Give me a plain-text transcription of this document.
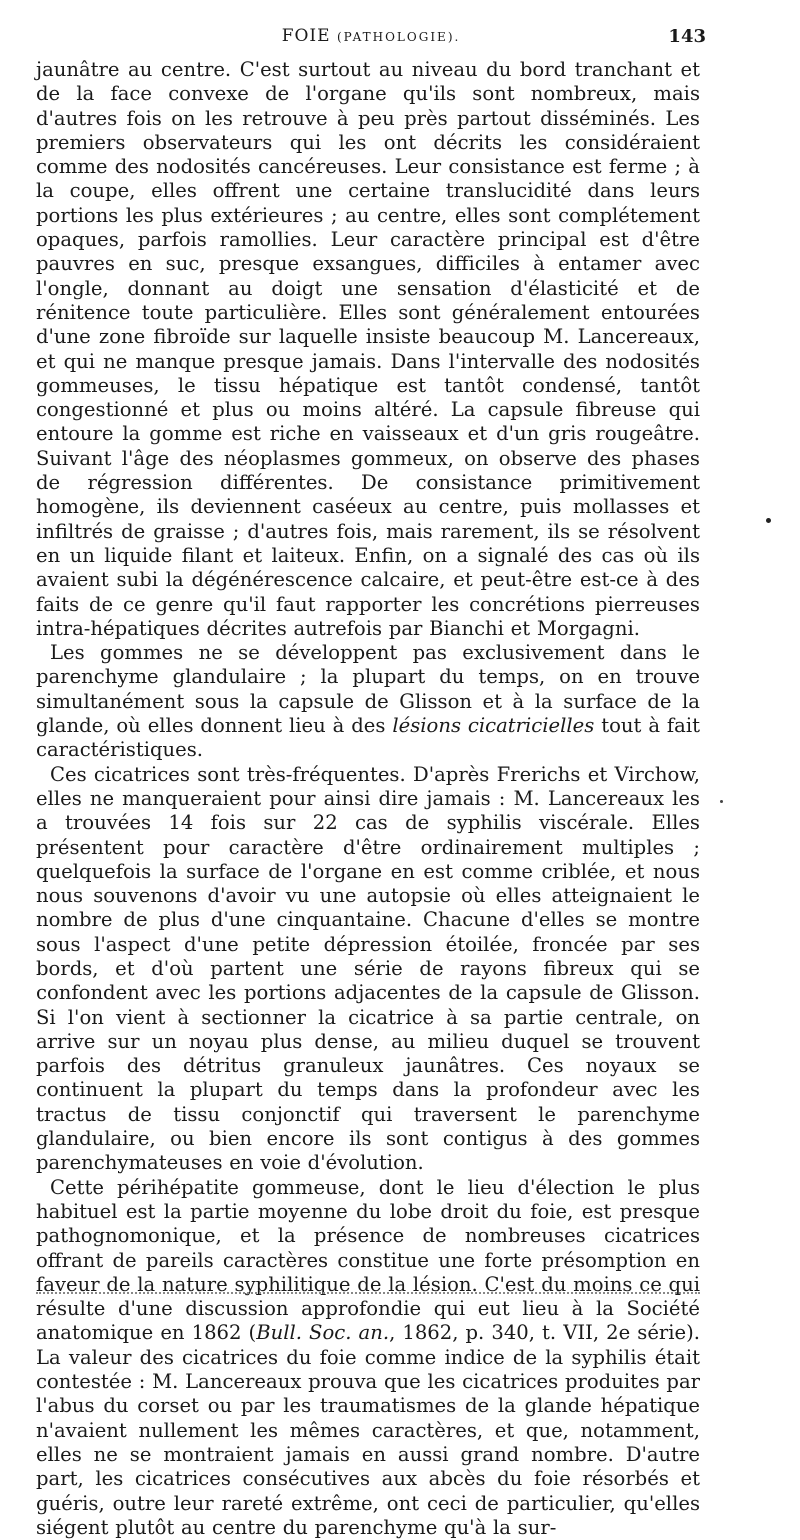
FOIE (PATHOLOGIE).	143

jaunâtre au centre. C'est surtout au niveau du bord tranchant et de la face convexe de l'organe qu'ils sont nombreux, mais d'autres fois on les retrouve à peu près partout disséminés. Les premiers observateurs qui les ont décrits les considéraient comme des nodosités cancéreuses. Leur consistance est ferme ; à la coupe, elles offrent une certaine translucidité dans leurs portions les plus extérieures ; au centre, elles sont complétement opaques, parfois ramollies. Leur caractère principal est d'être pauvres en suc, presque exsangues, difficiles à entamer avec l'ongle, donnant au doigt une sensation d'élasticité et de rénitence toute particulière. Elles sont généralement entourées d'une zone fibroïde sur laquelle insiste beaucoup M. Lancereaux, et qui ne manque presque jamais. Dans l'intervalle des nodosités gommeuses, le tissu hépatique est tantôt condensé, tantôt congestionné et plus ou moins altéré. La capsule fibreuse qui entoure la gomme est riche en vaisseaux et d'un gris rougeâtre. Suivant l'âge des néoplasmes gommeux, on observe des phases de régression différentes. De consistance primitivement homogène, ils deviennent caséeux au centre, puis mollasses et infiltrés de graisse ; d'autres fois, mais rarement, ils se résolvent en un liquide filant et laiteux. Enfin, on a signalé des cas où ils avaient subi la dégénérescence calcaire, et peut-être est-ce à des faits de ce genre qu'il faut rapporter les concrétions pierreuses intra-hépatiques décrites autrefois par Bianchi et Morgagni.

Les gommes ne se développent pas exclusivement dans le parenchyme glandulaire ; la plupart du temps, on en trouve simultanément sous la capsule de Glisson et à la surface de la glande, où elles donnent lieu à des lésions cicatricielles tout à fait caractéristiques.

Ces cicatrices sont très-fréquentes. D'après Frerichs et Virchow, elles ne manqueraient pour ainsi dire jamais : M. Lancereaux les a trouvées 14 fois sur 22 cas de syphilis viscérale. Elles présentent pour caractère d'être ordinairement multiples ; quelquefois la surface de l'organe en est comme criblée, et nous nous souvenons d'avoir vu une autopsie où elles atteignaient le nombre de plus d'une cinquantaine. Chacune d'elles se montre sous l'aspect d'une petite dépression étoilée, froncée par ses bords, et d'où partent une série de rayons fibreux qui se confondent avec les portions adjacentes de la capsule de Glisson. Si l'on vient à sectionner la cicatrice à sa partie centrale, on arrive sur un noyau plus dense, au milieu duquel se trouvent parfois des détritus granuleux jaunâtres. Ces noyaux se continuent la plupart du temps dans la profondeur avec les tractus de tissu conjonctif qui traversent le parenchyme glandulaire, ou bien encore ils sont contigus à des gommes parenchymateuses en voie d'évolution.

Cette périhépatite gommeuse, dont le lieu d'élection le plus habituel est la partie moyenne du lobe droit du foie, est presque pathognomonique, et la présence de nombreuses cicatrices offrant de pareils caractères constitue une forte présomption en faveur de la nature syphilitique de la lésion. C'est du moins ce qui résulte d'une discussion approfondie qui eut lieu à la Société anatomique en 1862 (Bull. Soc. an., 1862, p. 340, t. VII, 2e série). La valeur des cicatrices du foie comme indice de la syphilis était contestée : M. Lancereaux prouva que les cicatrices produites par l'abus du corset ou par les traumatismes de la glande hépatique n'avaient nullement les mêmes caractères, et que, notamment, elles ne se montraient jamais en aussi grand nombre. D'autre part, les cicatrices consécutives aux abcès du foie résorbés et guéris, outre leur rareté extrême, ont ceci de particulier, qu'elles siégent plutôt au centre du parenchyme qu'à la sur-
